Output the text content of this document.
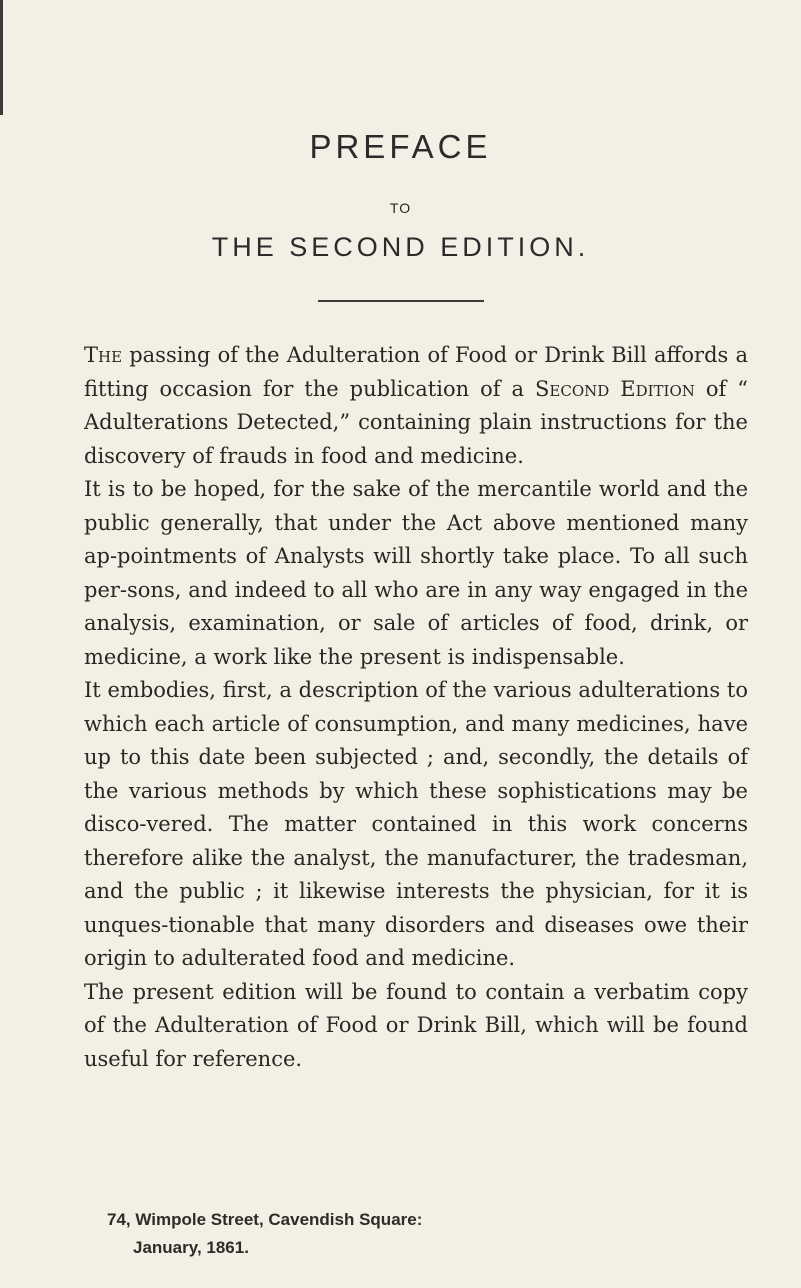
PREFACE
TO
THE SECOND EDITION.

The passing of the Adulteration of Food or Drink Bill affords a fitting occasion for the publication of a Second Edition of “ Adulterations Detected,” containing plain instructions for the discovery of frauds in food and medicine.

It is to be hoped, for the sake of the mercantile world and the public generally, that under the Act above mentioned many ap-pointments of Analysts will shortly take place. To all such per-sons, and indeed to all who are in any way engaged in the analysis, examination, or sale of articles of food, drink, or medicine, a work like the present is indispensable.

It embodies, first, a description of the various adulterations to which each article of consumption, and many medicines, have up to this date been subjected ; and, secondly, the details of the various methods by which these sophistications may be disco-vered. The matter contained in this work concerns therefore alike the analyst, the manufacturer, the tradesman, and the public ; it likewise interests the physician, for it is unques-tionable that many disorders and diseases owe their origin to adulterated food and medicine.

The present edition will be found to contain a verbatim copy of the Adulteration of Food or Drink Bill, which will be found useful for reference.

74, Wimpole Street, Cavendish Square:
January, 1861.
